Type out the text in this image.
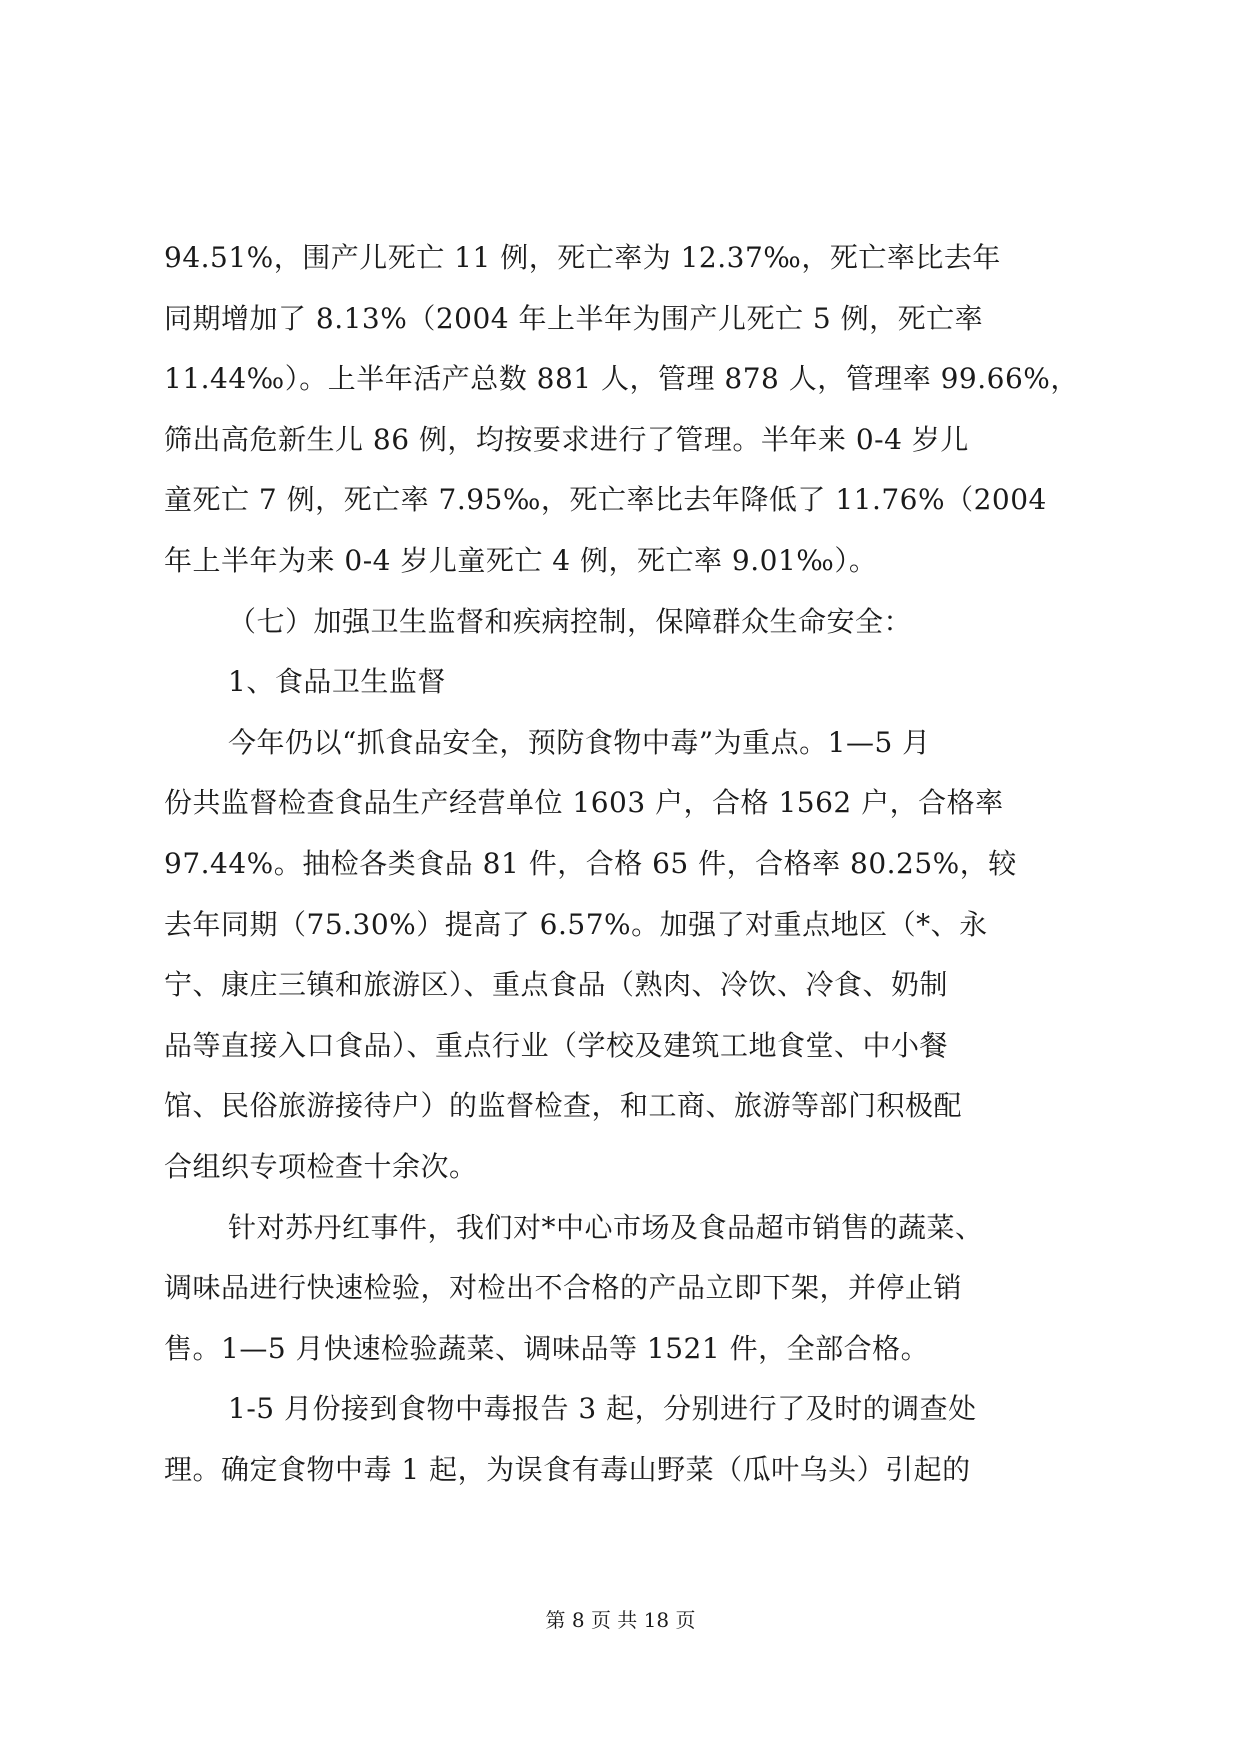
94.51%，围产儿死亡 11 例，死亡率为 12.37‰，死亡率比去年
同期增加了 8.13%（2004 年上半年为围产儿死亡 5 例，死亡率
11.44‰）。上半年活产总数 881 人，管理 878 人，管理率 99.66%，
筛出高危新生儿 86 例，均按要求进行了管理。半年来 0-4 岁儿
童死亡 7 例，死亡率 7.95‰，死亡率比去年降低了 11.76%（2004
年上半年为来 0-4 岁儿童死亡 4 例，死亡率 9.01‰）。
（七）加强卫生监督和疾病控制，保障群众生命安全：
1、食品卫生监督
今年仍以“抓食品安全，预防食物中毒”为重点。1—5 月
份共监督检查食品生产经营单位 1603 户，合格 1562 户，合格率
97.44%。抽检各类食品 81 件，合格 65 件，合格率 80.25%，较
去年同期（75.30%）提高了 6.57%。加强了对重点地区（*、永
宁、康庄三镇和旅游区）、重点食品（熟肉、冷饮、冷食、奶制
品等直接入口食品）、重点行业（学校及建筑工地食堂、中小餐
馆、民俗旅游接待户）的监督检查，和工商、旅游等部门积极配
合组织专项检查十余次。
针对苏丹红事件，我们对*中心市场及食品超市销售的蔬菜、
调味品进行快速检验，对检出不合格的产品立即下架，并停止销
售。1—5 月快速检验蔬菜、调味品等 1521 件，全部合格。
1-5 月份接到食物中毒报告 3 起，分别进行了及时的调查处
理。确定食物中毒 1 起，为误食有毒山野菜（瓜叶乌头）引起的
第 8 页 共 18 页
